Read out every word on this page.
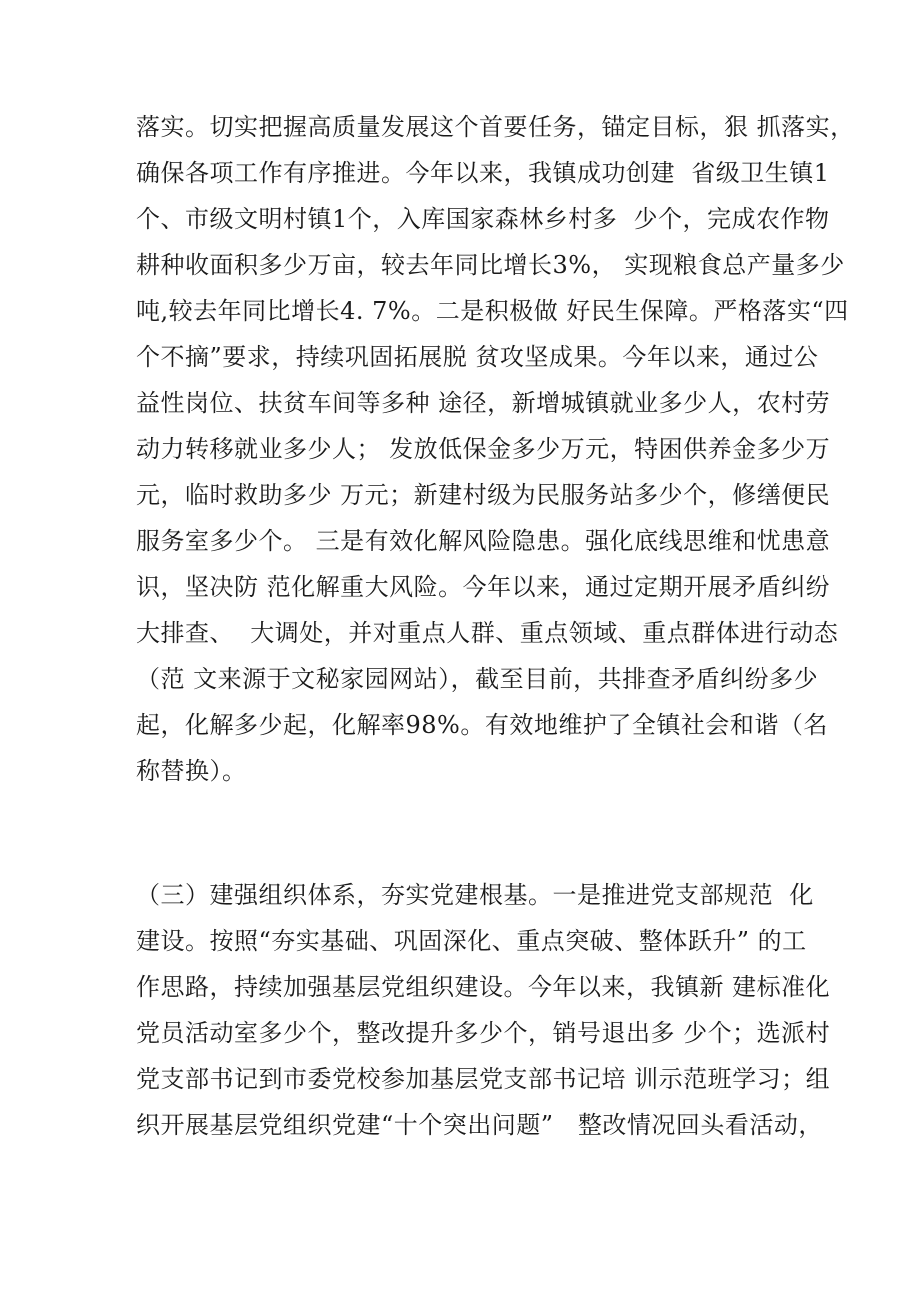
落实。切实把握高质量发展这个首要任务，锚定目标，狠 抓落实，
确保各项工作有序推进。今年以来，我镇成功创建  省级卫生镇1
个、市级文明村镇1个，入库国家森林乡村多  少个，完成农作物
耕种收面积多少万亩，较去年同比增长3%， 实现粮食总产量多少
吨,较去年同比增长4. 7%。二是积极做 好民生保障。严格落实“四
个不摘”要求，持续巩固拓展脱 贫攻坚成果。今年以来，通过公
益性岗位、扶贫车间等多种 途径，新增城镇就业多少人，农村劳
动力转移就业多少人； 发放低保金多少万元，特困供养金多少万
元，临时救助多少 万元；新建村级为民服务站多少个，修缮便民
服务室多少个。 三是有效化解风险隐患。强化底线思维和忧患意
识，坚决防 范化解重大风险。今年以来，通过定期开展矛盾纠纷
大排查、  大调处，并对重点人群、重点领域、重点群体进行动态
（范 文来源于文秘家园网站），截至目前，共排查矛盾纠纷多少
起，化解多少起，化解率98%。有效地维护了全镇社会和谐（名
称替换）。
（三）建强组织体系，夯实党建根基。一是推进党支部规范  化
建设。按照“夯实基础、巩固深化、重点突破、整体跃升” 的工
作思路，持续加强基层党组织建设。今年以来，我镇新 建标准化
党员活动室多少个，整改提升多少个，销号退出多 少个；选派村
党支部书记到市委党校参加基层党支部书记培 训示范班学习；组
织开展基层党组织党建“十个突出问题”   整改情况回头看活动，
